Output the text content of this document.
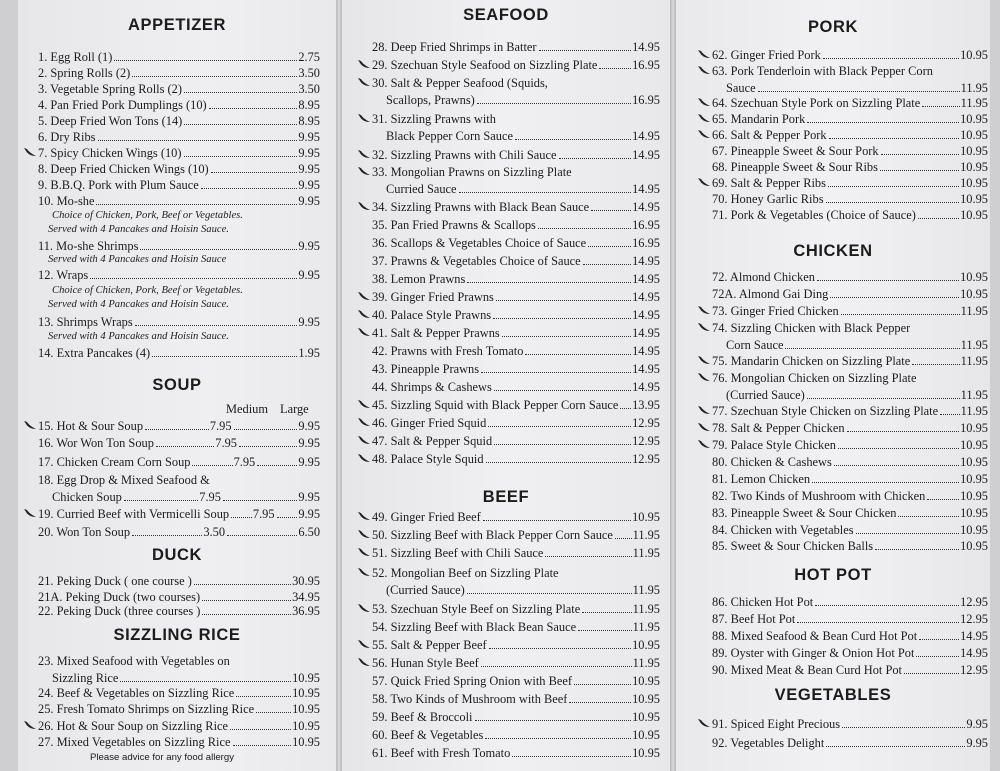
APPETIZER
1. Egg Roll (1)	2.75
2. Spring Rolls (2)	3.50
3. Vegetable Spring Rolls (2)	3.50
4. Pan Fried Pork Dumplings (10)	8.95
5. Deep Fried Won Tons (14)	8.95
6. Dry Ribs	9.95
7. Spicy Chicken Wings (10)	9.95
8. Deep Fried Chicken Wings (10)	9.95
9. B.B.Q. Pork with Plum Sauce	9.95
10. Mo-she	9.95
11. Mo-she Shrimps	9.95
12. Wraps	9.95
13. Shrimps Wraps	9.95
14. Extra Pancakes (4)	1.95
Choice of Chicken, Pork, Beef or Vegetables.
Served with 4 Pancakes and Hoisin Sauce.
Served with 4 Pancakes and Hoisin Sauce
Choice of Chicken, Pork, Beef or Vegetables.
Served with 4 Pancakes and Hoisin Sauce.
Served with 4 Pancakes and Hoisin Sauce.
SOUP
Medium Large
15. Hot & Sour Soup	7.95	9.95
16. Wor Won Ton Soup	7.95	9.95
17. Chicken Cream Corn Soup	7.95	9.95
18. Egg Drop & Mixed Seafood &
Chicken Soup	7.95	9.95
19. Curried Beef with Vermicelli Soup 7.95 9.95
20. Won Ton Soup	3.50	6.50
DUCK
21. Peking Duck ( one course )	30.95
21A. Peking Duck (two courses)	34.95
22. Peking Duck (three courses )	36.95
SIZZLING RICE
23. Mixed Seafood with Vegetables on
Sizzling Rice	10.95
24. Beef & Vegetables on Sizzling Rice	10.95
25. Fresh Tomato Shrimps on Sizzling Rice	10.95
26. Hot & Sour Soup on Sizzling Rice	10.95
27. Mixed Vegetables on Sizzling Rice	10.95
Please advice for any food allergy
SEAFOOD
28. Deep Fried Shrimps in Batter	14.95
29. Szechuan Style Seafood on Sizzling Plate	16.95
30. Salt & Pepper Seafood (Squids,
Scallops, Prawns)	16.95
31. Sizzling Prawns with
Black Pepper Corn Sauce	14.95
32. Sizzling Prawns with Chili Sauce	14.95
33. Mongolian Prawns on Sizzling Plate
Curried Sauce	14.95
34. Sizzling Prawns with Black Bean Sauce	14.95
35. Pan Fried Prawns & Scallops	16.95
36. Scallops & Vegetables Choice of Sauce	16.95
37. Prawns & Vegetables Choice of Sauce	14.95
38. Lemon Prawns	14.95
39. Ginger Fried Prawns	14.95
40. Palace Style Prawns	14.95
41. Salt & Pepper Prawns	14.95
42. Prawns with Fresh Tomato	14.95
43. Pineapple Prawns	14.95
44. Shrimps & Cashews	14.95
45. Sizzling Squid with Black Pepper Corn Sauce 13.95
46. Ginger Fried Squid	12.95
47. Salt & Pepper Squid	12.95
48. Palace Style Squid	12.95
BEEF
49. Ginger Fried Beef	10.95
50. Sizzling Beef with Black Pepper Corn Sauce 11.95
51. Sizzling Beef with Chili Sauce	11.95
52. Mongolian Beef on Sizzling Plate
(Curried Sauce)	11.95
53. Szechuan Style Beef on Sizzling Plate	11.95
54. Sizzling Beef with Black Bean Sauce	11.95
55. Salt & Pepper Beef	10.95
56. Hunan Style Beef	11.95
57. Quick Fried Spring Onion with Beef	10.95
58. Two Kinds of Mushroom with Beef	10.95
59. Beef & Broccoli	10.95
60. Beef & Vegetables	10.95
61. Beef with Fresh Tomato	10.95
PORK
62. Ginger Fried Pork	10.95
63. Pork Tenderloin with Black Pepper Corn
Sauce	11.95
64. Szechuan Style Pork on Sizzling Plate	11.95
65. Mandarin Pork	10.95
66. Salt & Pepper Pork	10.95
67. Pineapple Sweet & Sour Pork	10.95
68. Pineapple Sweet & Sour Ribs	10.95
69. Salt & Pepper Ribs	10.95
70. Honey Garlic Ribs	10.95
71. Pork & Vegetables (Choice of Sauce)	10.95
CHICKEN
72. Almond Chicken	10.95
72A. Almond Gai Ding	10.95
73. Ginger Fried Chicken	11.95
74. Sizzling Chicken with Black Pepper
Corn Sauce	11.95
75. Mandarin Chicken on Sizzling Plate	11.95
76. Mongolian Chicken on Sizzling Plate
(Curried Sauce)	11.95
77. Szechuan Style Chicken on Sizzling Plate 11.95
78. Salt & Pepper Chicken	10.95
79. Palace Style Chicken	10.95
80. Chicken & Cashews	10.95
81. Lemon Chicken	10.95
82. Two Kinds of Mushroom with Chicken	10.95
83. Pineapple Sweet & Sour Chicken	10.95
84. Chicken with Vegetables	10.95
85. Sweet & Sour Chicken Balls	10.95
HOT POT
86. Chicken Hot Pot	12.95
87. Beef Hot Pot	12.95
88. Mixed Seafood & Bean Curd Hot Pot	14.95
89. Oyster with Ginger & Onion Hot Pot	14.95
90. Mixed Meat & Bean Curd Hot Pot	12.95
VEGETABLES
91. Spiced Eight Precious	9.95
92. Vegetables Delight	9.95
